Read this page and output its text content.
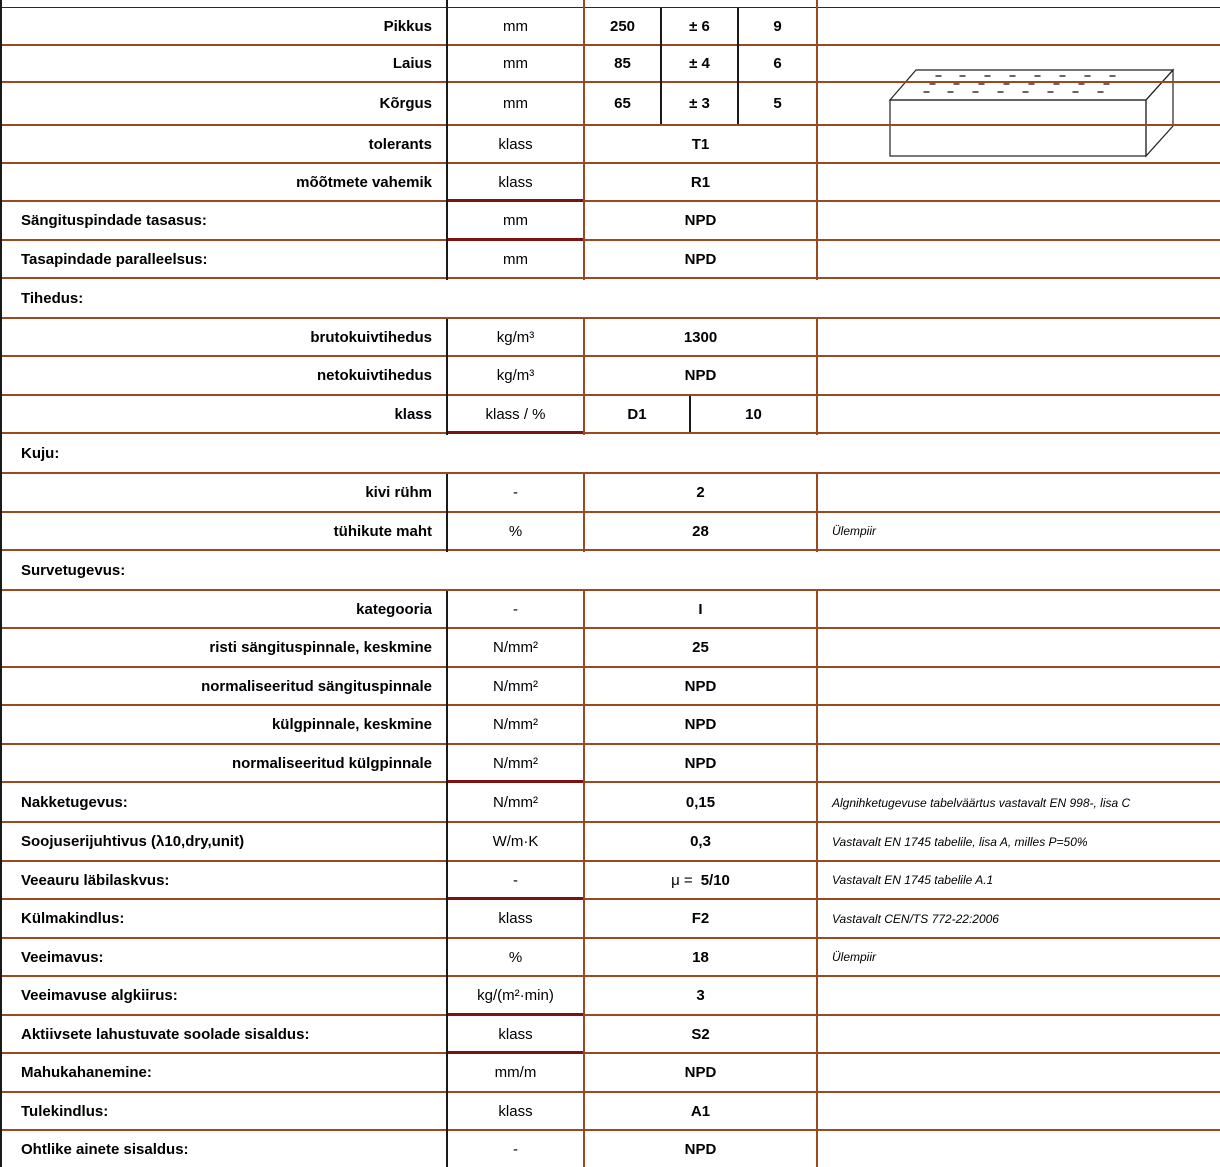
Pikkus	mm	250	± 6	9
Laius	mm	85	± 4	6
Kõrgus	mm	65	± 3	5
tolerants	klass	T1
mõõtmete vahemik	klass	R1
Sängituspindade tasasus:	mm	NPD
Tasapindade paralleelsus:	mm	NPD
Tihedus:
brutokuivtihedus	kg/m³	1300
netokuivtihedus	kg/m³	NPD
klass	klass / %	D1	10
Kuju:
kivi rühm	-	2
tühikute maht	%	28	Ülempiir
Survetugevus:
kategooria	-	I
risti sängituspinnale, keskmine	N/mm²	25
normaliseeritud sängituspinnale	N/mm²	NPD
külgpinnale, keskmine	N/mm²	NPD
normaliseeritud külgpinnale	N/mm²	NPD
Nakketugevus:	N/mm²	0,15	Algnihketugevuse tabelväärtus vastavalt EN 998-, lisa C
Soojuserijuhtivus (λ10,dry,unit)	W/m·K	0,3	Vastavalt EN 1745 tabelile, lisa A, milles P=50%
Veeauru läbilaskvus:	-	μ = 5/10	Vastavalt EN 1745 tabelile A.1
Külmakindlus:	klass	F2	Vastavalt CEN/TS 772-22:2006
Veeimavus:	%	18	Ülempiir
Veeimavuse algkiirus:	kg/(m²·min)	3
Aktiivsete lahustuvate soolade sisaldus:	klass	S2
Mahukahanemine:	mm/m	NPD
Tulekindlus:	klass	A1
Ohtlike ainete sisaldus:	-	NPD
